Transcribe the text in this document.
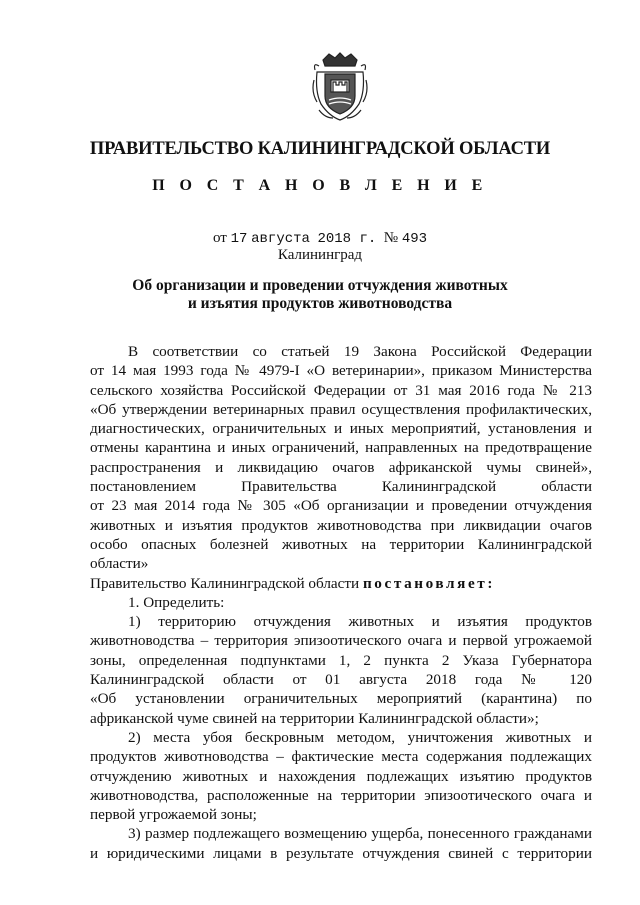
ПРАВИТЕЛЬСТВО КАЛИНИНГРАДСКОЙ ОБЛАСТИ
П О С Т А Н О В Л Е Н И Е
от 17 августа 2018 г. № 493
Калининград
Об организации и проведении отчуждения животных
и изъятия продуктов животноводства

В соответствии со статьей 19 Закона Российской Федерации

от 14 мая 1993 года № 4979-I «О ветеринарии», приказом Министерства

сельского хозяйства Российской Федерации от 31 мая 2016 года № 213

«Об утверждении ветеринарных правил осуществления профилактических,

диагностических, ограничительных и иных мероприятий, установления и

отмены карантина и иных ограничений, направленных на предотвращение

распространения и ликвидацию очагов африканской чумы свиней»,

постановлением Правительства Калининградской области

от 23 мая 2014 года № 305 «Об организации и проведении отчуждения

животных и изъятия продуктов животноводства при ликвидации очагов

особо опасных болезней животных на территории Калининградской области»

Правительство Калининградской области постановляет:

1. Определить:

1) территорию отчуждения животных и изъятия продуктов

животноводства – территория эпизоотического очага и первой угрожаемой

зоны, определенная подпунктами 1, 2 пункта 2 Указа Губернатора

Калининградской области от 01 августа 2018 года № 120

«Об установлении ограничительных мероприятий (карантина) по

африканской чуме свиней на территории Калининградской области»;

2) места убоя бескровным методом, уничтожения животных и

продуктов животноводства – фактические места содержания подлежащих

отчуждению животных и нахождения подлежащих изъятию продуктов

животноводства, расположенные на территории эпизоотического очага и

первой угрожаемой зоны;

3) размер подлежащего возмещению ущерба, понесенного гражданами

и юридическими лицами в результате отчуждения свиней с территории
